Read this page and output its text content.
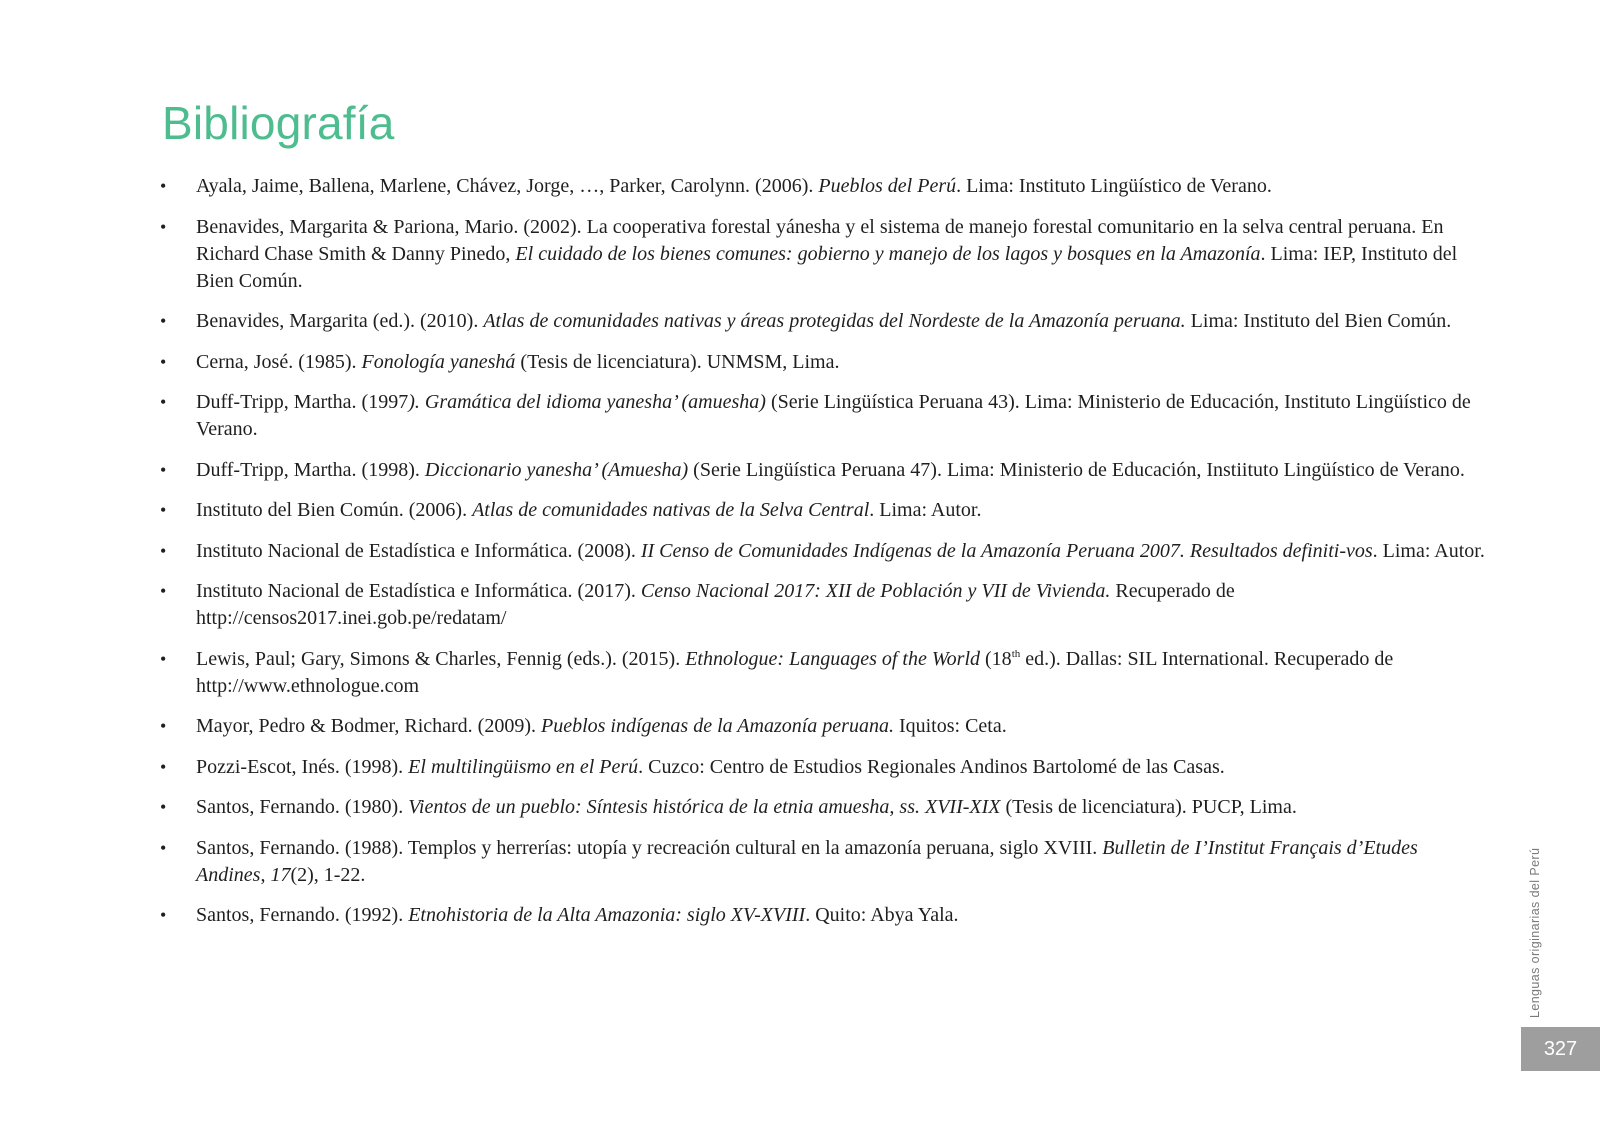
Bibliografía
• Ayala, Jaime, Ballena, Marlene, Chávez, Jorge, …, Parker, Carolynn. (2006). Pueblos del Perú. Lima: Instituto Lingüístico de Verano.
• Benavides, Margarita & Pariona, Mario. (2002). La cooperativa forestal yánesha y el sistema de manejo forestal comunitario en la selva central peruana. En Richard Chase Smith & Danny Pinedo, El cuidado de los bienes comunes: gobierno y manejo de los lagos y bosques en la Amazonía. Lima: IEP, Instituto del Bien Común.
• Benavides, Margarita (ed.). (2010). Atlas de comunidades nativas y áreas protegidas del Nordeste de la Amazonía peruana. Lima: Instituto del Bien Común.
• Cerna, José. (1985). Fonología yaneshá (Tesis de licenciatura). UNMSM, Lima.
• Duff-Tripp, Martha. (1997). Gramática del idioma yanesha’ (amuesha) (Serie Lingüística Peruana 43). Lima: Ministerio de Educación, Instituto Lingüístico de Verano.
• Duff-Tripp, Martha. (1998). Diccionario yanesha’ (Amuesha) (Serie Lingüística Peruana 47). Lima: Ministerio de Educación, Instiituto Lingüístico de Verano.
• Instituto del Bien Común. (2006). Atlas de comunidades nativas de la Selva Central. Lima: Autor.
• Instituto Nacional de Estadística e Informática. (2008). II Censo de Comunidades Indígenas de la Amazonía Peruana 2007. Resultados definiti-vos. Lima: Autor.
• Instituto Nacional de Estadística e Informática. (2017). Censo Nacional 2017: XII de Población y VII de Vivienda. Recuperado de http://censos2017.inei.gob.pe/redatam/
• Lewis, Paul; Gary, Simons & Charles, Fennig (eds.). (2015). Ethnologue: Languages of the World (18th ed.). Dallas: SIL International. Recuperado de http://www.ethnologue.com
• Mayor, Pedro & Bodmer, Richard. (2009). Pueblos indígenas de la Amazonía peruana. Iquitos: Ceta.
• Pozzi-Escot, Inés. (1998). El multilingüismo en el Perú. Cuzco: Centro de Estudios Regionales Andinos Bartolomé de las Casas.
• Santos, Fernando. (1980). Vientos de un pueblo: Síntesis histórica de la etnia amuesha, ss. XVII-XIX (Tesis de licenciatura). PUCP, Lima.
• Santos, Fernando. (1988). Templos y herrerías: utopía y recreación cultural en la amazonía peruana, siglo XVIII. Bulletin de I’Institut Français d’Etudes Andines, 17(2), 1-22.
• Santos, Fernando. (1992). Etnohistoria de la Alta Amazonia: siglo XV-XVIII. Quito: Abya Yala.	Lenguas originarias del Perú
327
